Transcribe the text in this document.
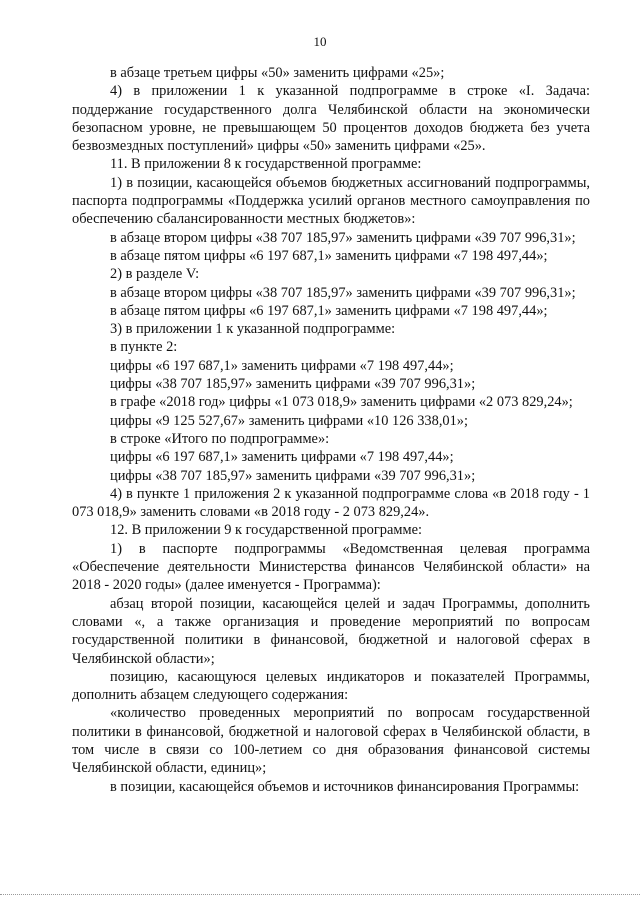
10

в абзаце третьем цифры «50» заменить цифрами «25»;

4) в приложении 1 к указанной подпрограмме в строке «I. Задача: поддержание государственного долга Челябинской области на экономически безопасном уровне, не превышающем 50 процентов доходов бюджета без учета безвозмездных поступлений» цифры «50» заменить цифрами «25».

11. В приложении 8 к государственной программе:

1) в позиции, касающейся объемов бюджетных ассигнований подпрограммы, паспорта подпрограммы «Поддержка усилий органов местного самоуправления по обеспечению сбалансированности местных бюджетов»:

в абзаце втором цифры «38 707 185,97» заменить цифрами «39 707 996,31»;

в абзаце пятом цифры «6 197 687,1» заменить цифрами «7 198 497,44»;

2) в разделе V:

в абзаце втором цифры «38 707 185,97» заменить цифрами «39 707 996,31»;

в абзаце пятом цифры «6 197 687,1» заменить цифрами «7 198 497,44»;

3) в приложении 1 к указанной подпрограмме:

в пункте 2:

цифры «6 197 687,1» заменить цифрами «7 198 497,44»;

цифры «38 707 185,97» заменить цифрами «39 707 996,31»;

в графе «2018 год» цифры «1 073 018,9» заменить цифрами «2 073 829,24»;

цифры «9 125 527,67» заменить цифрами «10 126 338,01»;

в строке «Итого по подпрограмме»:

цифры «6 197 687,1» заменить цифрами «7 198 497,44»;

цифры «38 707 185,97» заменить цифрами «39 707 996,31»;

4) в пункте 1 приложения 2 к указанной подпрограмме слова «в 2018 году - 1 073 018,9» заменить словами «в 2018 году - 2 073 829,24».

12. В приложении 9 к государственной программе:

1) в паспорте подпрограммы «Ведомственная целевая программа «Обеспечение деятельности Министерства финансов Челябинской области» на 2018 - 2020 годы» (далее именуется - Программа):

абзац второй позиции, касающейся целей и задач Программы, дополнить словами «, а также организация и проведение мероприятий по вопросам государственной политики в финансовой, бюджетной и налоговой сферах в Челябинской области»;

позицию, касающуюся целевых индикаторов и показателей Программы, дополнить абзацем следующего содержания:

«количество проведенных мероприятий по вопросам государственной политики в финансовой, бюджетной и налоговой сферах в Челябинской области, в том числе в связи со 100-летием со дня образования финансовой системы Челябинской области, единиц»;

в позиции, касающейся объемов и источников финансирования Программы:
